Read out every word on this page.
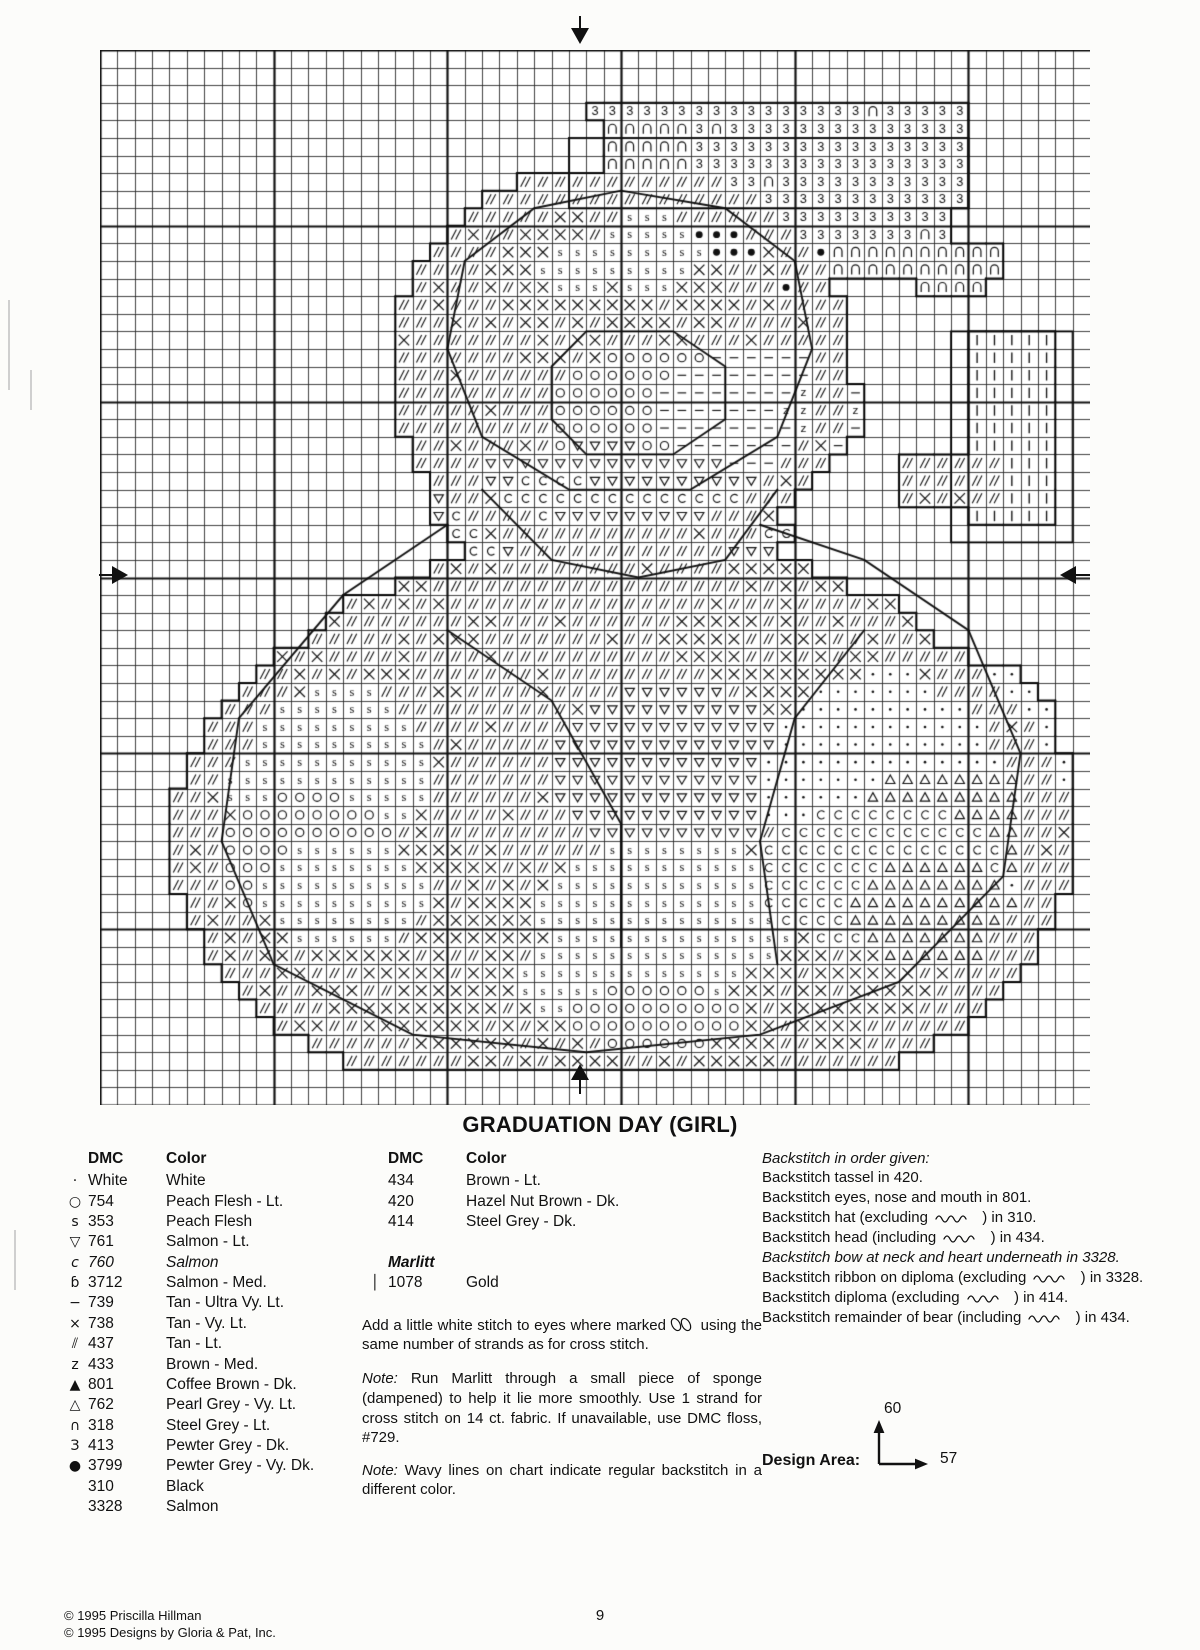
GRADUATION DAY (GIRL)
	DMC	Color
·	White	White
○	754	Peach Flesh - Lt.
ѕ	353	Peach Flesh
▽	761	Salmon - Lt.
с	760	Salmon
ɓ	3712	Salmon - Med.
−	739	Tan - Ultra Vy. Lt.
×	738	Tan - Vy. Lt.
⫽	437	Tan - Lt.
z	433	Brown - Med.
▲	801	Coffee Brown - Dk.
△	762	Pearl Grey - Vy. Lt.
∩	318	Steel Grey - Lt.
З	413	Pewter Grey - Dk.
●	3799	Pewter Grey - Vy. Dk.
	310	Black
	3328	Salmon
	DMC	Color
	434	Brown - Lt.
	420	Hazel Nut Brown - Dk.
	414	Steel Grey - Dk.
Marlitt
│	1078	Gold

Add a little white stitch to eyes where marked using the same number of strands as for cross stitch.

Note: Run Marlitt through a small piece of sponge (dampened) to help it lie more smoothly. Use 1 strand for cross stitch on 14 ct. fabric. If unavailable, use DMC floss, #729.

Note: Wavy lines on chart indicate regular backstitch in a different color.

Backstitch in order given:
Backstitch tassel in 420.
Backstitch eyes, nose and mouth in 801.
Backstitch hat (excluding	) in 310.
Backstitch head (including	) in 434.
Backstitch bow at neck and heart underneath in 3328.
Backstitch ribbon on diploma (excluding	) in 3328.
Backstitch diploma (excluding	) in 414.
Backstitch remainder of bear (including	) in 434.
Design Area:
60
57
© 1995 Priscilla Hillman
© 1995 Designs by Gloria & Pat, Inc.
9
